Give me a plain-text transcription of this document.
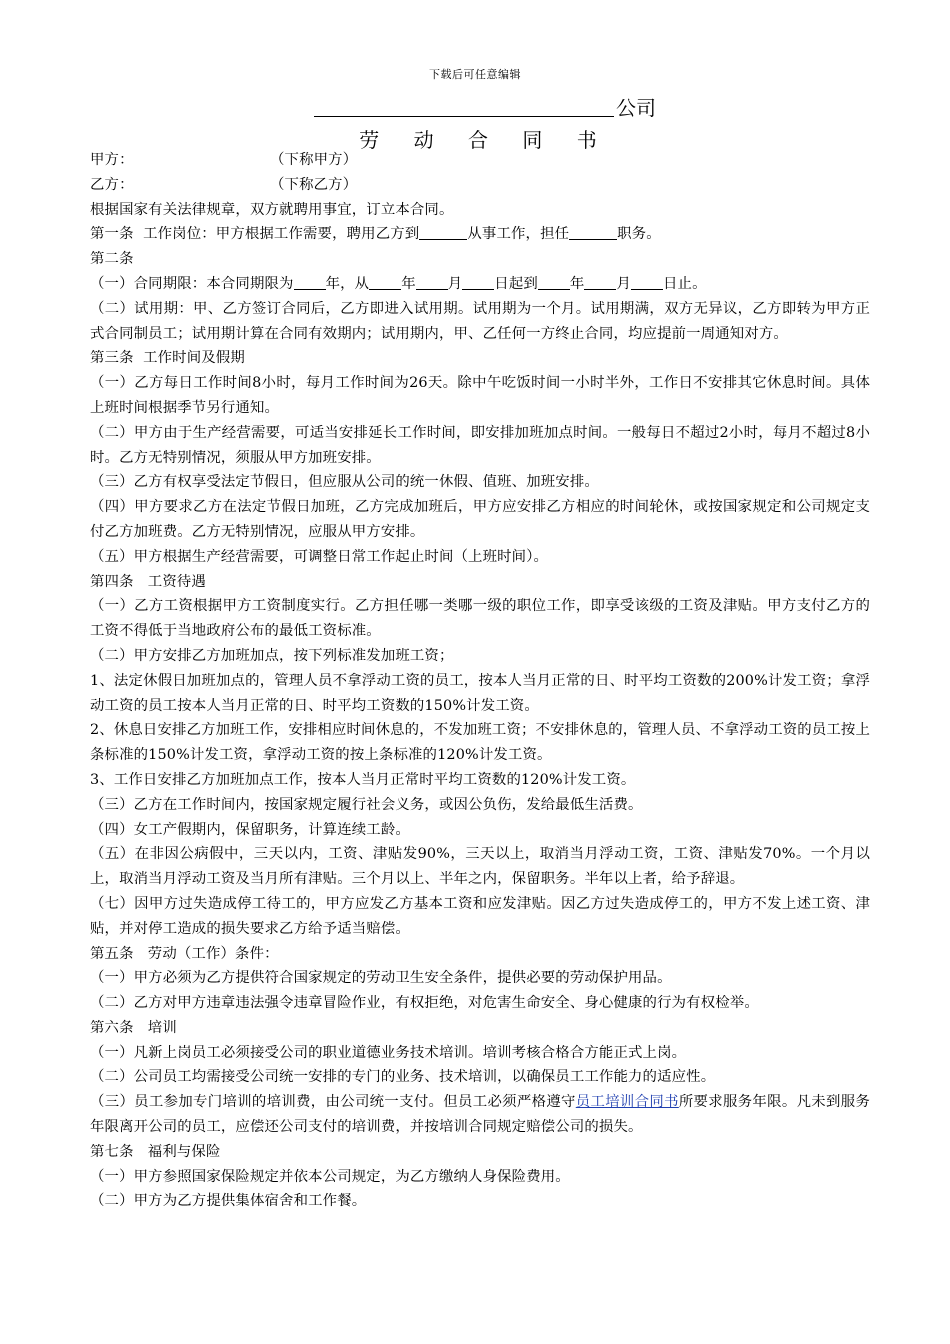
下载后可任意编辑
公司
劳 动 合 同 书

甲方：	（下称甲方）

乙方：	（下称乙方）

根据国家有关法律规章，双方就聘用事宜，订立本合同。

第一条  工作岗位：甲方根据工作需要，聘用乙方到	从事工作，担任	职务。

第二条

（一）合同期限：本合同期限为 年，从 年 月 日起到 年 月 日止。

（二）试用期：甲、乙方签订合同后，乙方即进入试用期。试用期为一个月。试用期满，双方无异议，乙方即转为甲方正式合同制员工；试用期计算在合同有效期内；试用期内，甲、乙任何一方终止合同，均应提前一周通知对方。

第三条  工作时间及假期

（一）乙方每日工作时间8小时，每月工作时间为26天。除中午吃饭时间一小时半外，工作日不安排其它休息时间。具体上班时间根据季节另行通知。

（二）甲方由于生产经营需要，可适当安排延长工作时间，即安排加班加点时间。一般每日不超过2小时，每月不超过8小时。乙方无特别情况，须服从甲方加班安排。

（三）乙方有权享受法定节假日，但应服从公司的统一休假、值班、加班安排。

（四）甲方要求乙方在法定节假日加班，乙方完成加班后，甲方应安排乙方相应的时间轮休，或按国家规定和公司规定支付乙方加班费。乙方无特别情况，应服从甲方安排。

（五）甲方根据生产经营需要，可调整日常工作起止时间（上班时间）。

第四条   工资待遇

（一）乙方工资根据甲方工资制度实行。乙方担任哪一类哪一级的职位工作，即享受该级的工资及津贴。甲方支付乙方的工资不得低于当地政府公布的最低工资标准。

（二）甲方安排乙方加班加点，按下列标准发加班工资；

1、法定休假日加班加点的，管理人员不拿浮动工资的员工，按本人当月正常的日、时平均工资数的200%计发工资；拿浮动工资的员工按本人当月正常的日、时平均工资数的150%计发工资。

2、休息日安排乙方加班工作，安排相应时间休息的，不发加班工资；不安排休息的，管理人员、不拿浮动工资的员工按上条标准的150%计发工资，拿浮动工资的按上条标准的120%计发工资。

3、工作日安排乙方加班加点工作，按本人当月正常时平均工资数的120%计发工资。

（三）乙方在工作时间内，按国家规定履行社会义务，或因公负伤，发给最低生活费。

（四）女工产假期内，保留职务，计算连续工龄。

（五）在非因公病假中，三天以内，工资、津贴发90%，三天以上，取消当月浮动工资，工资、津贴发70%。一个月以上，取消当月浮动工资及当月所有津贴。三个月以上、半年之内，保留职务。半年以上者，给予辞退。

（七）因甲方过失造成停工待工的，甲方应发乙方基本工资和应发津贴。因乙方过失造成停工的，甲方不发上述工资、津贴，并对停工造成的损失要求乙方给予适当赔偿。

第五条   劳动（工作）条件：

（一）甲方必须为乙方提供符合国家规定的劳动卫生安全条件，提供必要的劳动保护用品。

（二）乙方对甲方违章违法强令违章冒险作业，有权拒绝，对危害生命安全、身心健康的行为有权检举。

第六条   培训

（一）凡新上岗员工必须接受公司的职业道德业务技术培训。培训考核合格合方能正式上岗。

（二）公司员工均需接受公司统一安排的专门的业务、技术培训，以确保员工工作能力的适应性。

（三）员工参加专门培训的培训费，由公司统一支付。但员工必须严格遵守员工培训合同书所要求服务年限。凡未到服务年限离开公司的员工，应偿还公司支付的培训费，并按培训合同规定赔偿公司的损失。

第七条   福利与保险

（一）甲方参照国家保险规定并依本公司规定，为乙方缴纳人身保险费用。

（二）甲方为乙方提供集体宿舍和工作餐。
